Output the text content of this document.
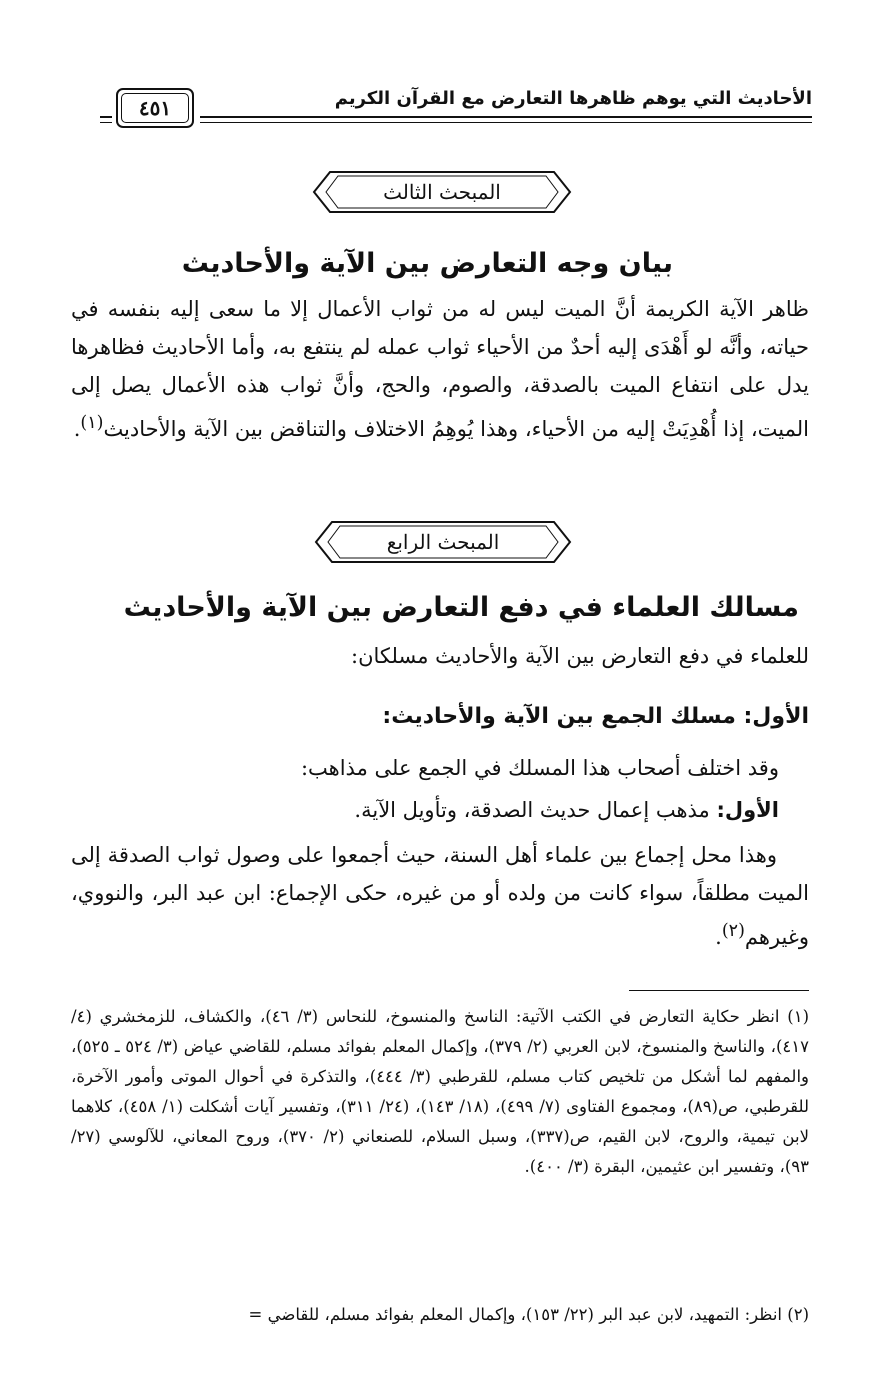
الأحاديث التي يوهم ظاهرها التعارض مع القرآن الكريم
٤٥١
المبحث الثالث
بيان وجه التعارض بين الآية والأحاديث
ظاهر الآية الكريمة أنَّ الميت ليس له من ثواب الأعمال إلا ما سعى إليه بنفسه في حياته، وأنَّه لو أَهْدَى إليه أحدٌ من الأحياء ثواب عمله لم ينتفع به، وأما الأحاديث فظاهرها يدل على انتفاع الميت بالصدقة، والصوم، والحج، وأنَّ ثواب هذه الأعمال يصل إلى الميت، إذا أُهْدِيَتْ إليه من الأحياء، وهذا يُوهِمُ الاختلاف والتناقض بين الآية والأحاديث$^{(١)}$.
المبحث الرابع
مسالك العلماء في دفع التعارض بين الآية والأحاديث
للعلماء في دفع التعارض بين الآية والأحاديث مسلكان:
الأول: مسلك الجمع بين الآية والأحاديث:
وقد اختلف أصحاب هذا المسلك في الجمع على مذاهب:
الأول: مذهب إعمال حديث الصدقة، وتأويل الآية.
وهذا محل إجماع بين علماء أهل السنة، حيث أجمعوا على وصول ثواب الصدقة إلى الميت مطلقاً، سواء كانت من ولده أو من غيره، حكى الإجماع: ابن عبد البر، والنووي، وغيرهم$^{(٢)}$.
(١) انظر حكاية التعارض في الكتب الآتية: الناسخ والمنسوخ، للنحاس (٣/ ٤٦)، والكشاف، للزمخشري (٤/ ٤١٧)، والناسخ والمنسوخ، لابن العربي (٢/ ٣٧٩)، وإكمال المعلم بفوائد مسلم، للقاضي عياض (٣/ ٥٢٤ ـ ٥٢٥)، والمفهم لما أشكل من تلخيص كتاب مسلم، للقرطبي (٣/ ٤٤٤)، والتذكرة في أحوال الموتى وأمور الآخرة، للقرطبي، ص(٨٩)، ومجموع الفتاوى (٧/ ٤٩٩)، (١٨/ ١٤٣)، (٢٤/ ٣١١)، وتفسير آيات أشكلت (١/ ٤٥٨)، كلاهما لابن تيمية، والروح، لابن القيم، ص(٣٣٧)، وسبل السلام، للصنعاني (٢/ ٣٧٠)، وروح المعاني، للآلوسي (٢٧/ ٩٣)، وتفسير ابن عثيمين، البقرة (٣/ ٤٠٠).
(٢) انظر: التمهيد، لابن عبد البر (٢٢/ ١٥٣)، وإكمال المعلم بفوائد مسلم، للقاضي =
